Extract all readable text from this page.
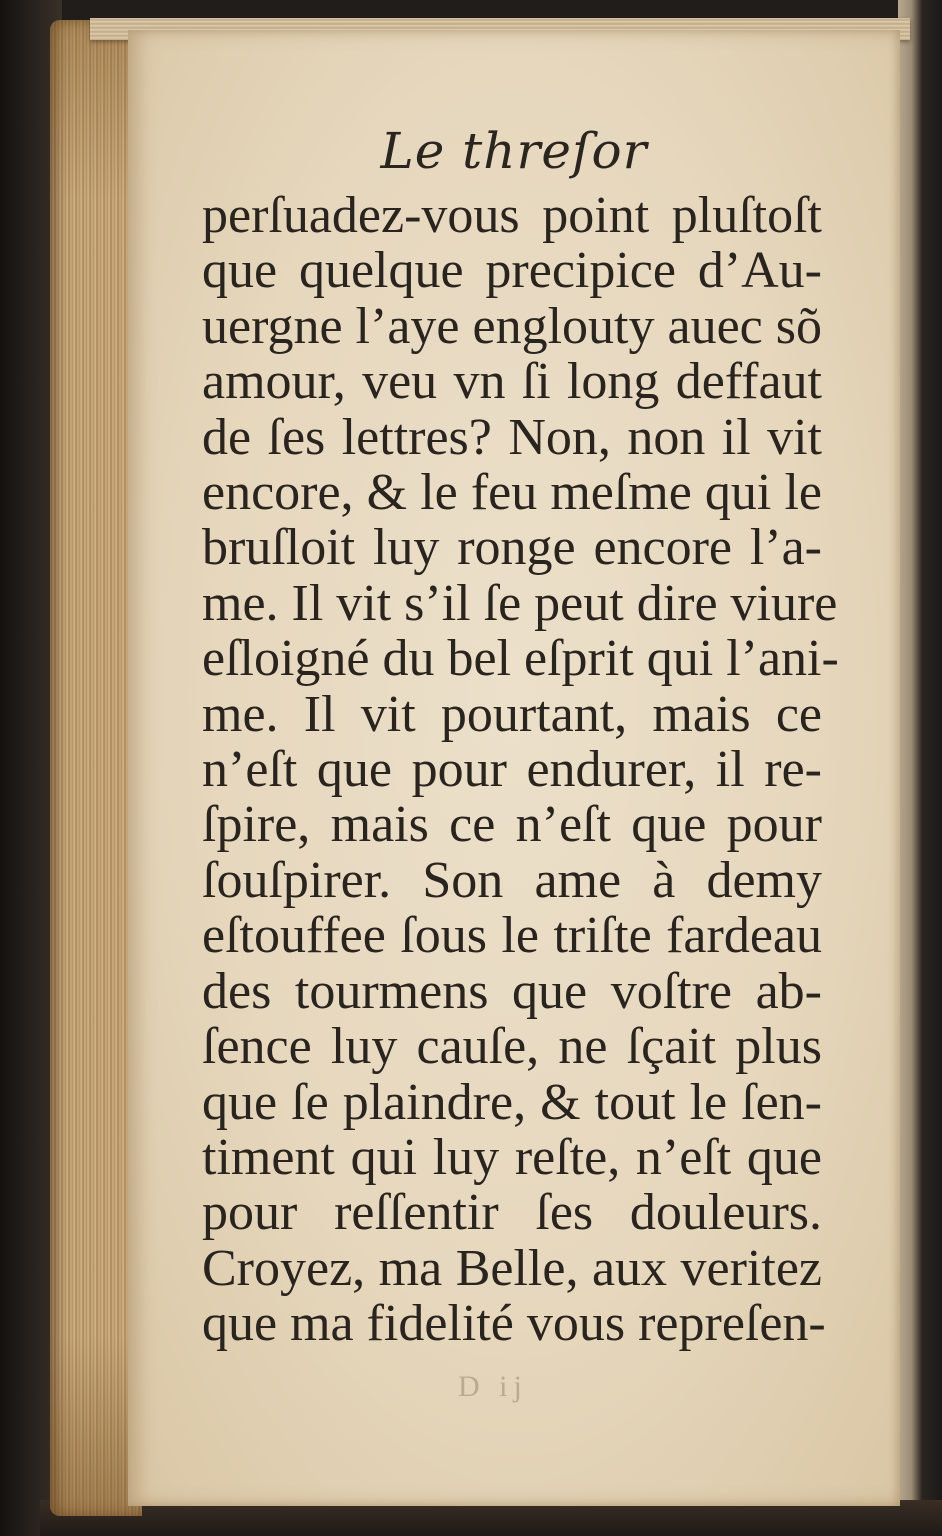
Le threſor
perſuadez-vous point pluſtoſt
que quelque precipice d’Au-
uergne l’aye englouty auec sõ
amour, veu vn ſi long deffaut
de ſes lettres? Non, non il vit
encore, & le feu meſme qui le
bruſloit luy ronge encore l’a-
me. Il vit s’il ſe peut dire viure
eſloigné du bel eſprit qui l’ani-
me. Il vit pourtant, mais ce
n’eſt que pour endurer, il re-
ſpire, mais ce n’eſt que pour
ſouſpirer. Son ame à demy
eſtouffee ſous le triſte fardeau
des tourmens que voſtre ab-
ſence luy cauſe, ne ſçait plus
que ſe plaindre, & tout le ſen-
timent qui luy reſte, n’eſt que
pour reſſentir ſes douleurs.
Croyez, ma Belle, aux veritez
que ma fidelité vous repreſen-
D ij
